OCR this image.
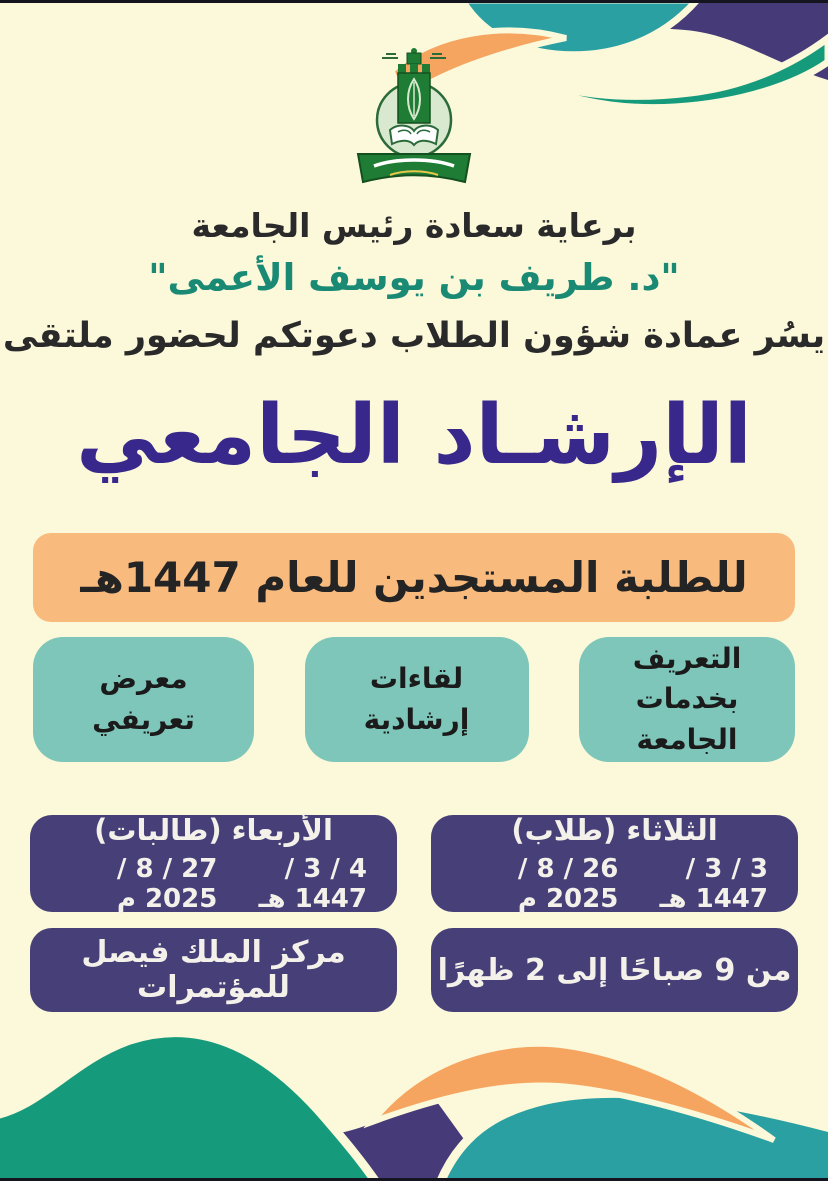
برعاية سعادة رئيس الجامعة
"د. طريف بن يوسف الأعمى"
يسُر عمادة شؤون الطلاب دعوتكم لحضور ملتقى
الإرشـاد الجامعي
للطلبة المستجدين للعام 1447هـ
التعريف بخدمات الجامعة
لقاءات إرشادية
معرض تعريفي
الثلاثاء (طلاب)
3 / 3 / 1447 هـ
26 / 8 / 2025 م
الأربعاء (طالبات)
4 / 3 / 1447 هـ
27 / 8 / 2025 م
من 9 صباحًا إلى 2 ظهرًا
مركز الملك فيصل للمؤتمرات
